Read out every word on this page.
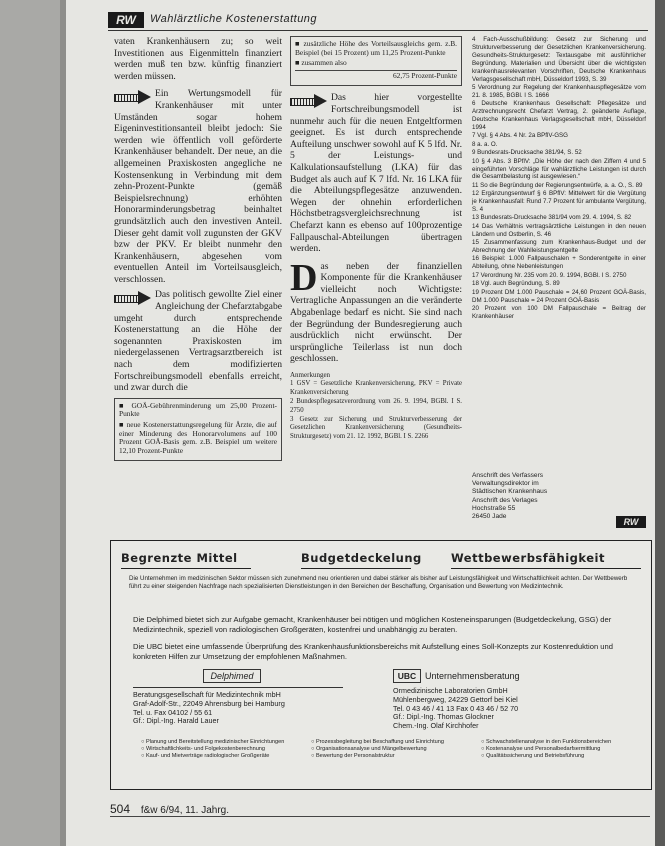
RW	Wahlärztliche Kostenerstattung

vaten Krankenhäusern zu; so weit Investitionen aus Eigenmitteln finanziert werden muß ten bzw. künftig finanziert werden müssen.

Ein Wertungsmodell für Krankenhäuser mit unter Umständen sogar hohem Eigeninvestitionsanteil bleibt jedoch: Sie werden wie öffentlich voll geförderte Krankenhäuser behandelt. Der neue, an die allgemeinen Praxiskosten angegliche ne Kostensenkung in Verbindung mit dem zehn-Prozent-Punkte (gemäß Beispielsrechnung) erhöhten Honorarminderungsbetrag beinhaltet grundsätzlich auch den investiven Anteil. Dieser geht damit voll zugunsten der GKV bzw der PKV. Er bleibt nunmehr den Krankenhäusern, abgesehen vom eventuellen Anteil im Vorteilsausgleich, verschlossen.

Das politisch gewollte Ziel einer Angleichung der Chefarztabgabe umgeht durch entsprechende Kostenerstattung an die Höhe der sogenannten Praxiskosten im niedergelassenen Vertragsarztbereich ist nach dem modifizierten Fortschreibungsmodell ebenfalls erreicht, und zwar durch die

■ GOÄ-Gebührenminderung um 25,00 Prozent-Punkte
■ neue Kostenerstattungsregelung für Ärzte, die auf einer Minderung des Honorarvolumens auf 100 Prozent GOÄ-Basis gem. z.B. Beispiel um weitere 12,10 Prozent-Punkte
■ zusätzliche Höhe des Vorteilsausgleichs gem. z.B. Beispiel (bei 15 Prozent) um 11,25 Prozent-Punkte
■ zusammen also
62,75 Prozent-Punkte

Das hier vorgestellte Fortschreibungsmodell ist nunmehr auch für die neuen Entgeltformen geeignet. Es ist durch entsprechende Aufteilung unschwer sowohl auf K 5 lfd. Nr. 5 der Leistungs- und Kalkulationsaufstellung (LKA) für das Budget als auch auf K 7 lfd. Nr. 16 LKA für die Abteilungspflegesätze anzuwenden. Wegen der ohnehin erforderlichen Höchstbetragsvergleichsrechnung ist Chefarzt kann es ebenso auf 100prozentige Fallpauschal-Abteilungen übertragen werden.

D as neben der finanziellen Komponente für die Krankenhäuser vielleicht noch Wichtigste: Vertragliche Anpassungen an die veränderte Abgabenlage bedarf es nicht. Sie sind nach der Begründung der Bundesregierung auch ausdrücklich nicht erwünscht. Der ursprüngliche Teilerlass ist nun doch geschlossen.

Anmerkungen
1 GSV = Gesetzliche Krankenversicherung, PKV = Private Krankenversicherung
2 Bundespflegesatzverordnung vom 26. 9. 1994, BGBl. I S. 2750
3 Gesetz zur Sicherung und Strukturverbesserung der Gesetzlichen Krankenversicherung (Gesundheits-Strukturgesetz) vom 21. 12. 1992, BGBl. I S. 2266

4 Fach-Ausschußbildung: Gesetz zur Sicherung und Strukturverbesserung der Gesetzlichen Krankenversicherung. Gesundheits-Strukturgesetz: Textausgabe mit ausführlicher Begründung. Materialien und Übersicht über die wichtigsten krankenhausrelevanten Vorschriften, Deutsche Krankenhaus Verlagsgesellschaft mbH, Düsseldorf 1993, S. 39

5 Verordnung zur Regelung der Krankenhauspflegesätze vom 21. 8. 1985, BGBl. I S. 1666

6 Deutsche Krankenhaus Gesellschaft: Pflegesätze und Arztrechnungsrecht Chefarzt Vertrag, 2. geänderte Auflage, Deutsche Krankenhaus Verlagsgesellschaft mbH, Düsseldorf 1994

7 Vgl. § 4 Abs. 4 Nr. 2a BPflV-GSG

8 a. a. O.

9 Bundesrats-Drucksache 381/94, S. 52

10 § 4 Abs. 3 BPflV: „Die Höhe der nach den Ziffern 4 und 5 eingeführten Vorschläge für wahlärztliche Leistungen ist durch die Gesamtbelastung ist ausgewiesen.“

11 So die Begründung der Regierungsentwürfe, a. a. O., S. 89

12 Ergänzungsentwurf § 6 BPflV: Mittelwert für die Vergütung je Krankenhausfall: Rund 7.7 Prozent für ambulante Vergütung, S. 4

13 Bundesrats-Drucksache 381/94 vom 29. 4. 1994, S. 82

14 Das Verhältnis vertragsärztliche Leistungen in den neuen Ländern und Ostberlin, S. 46

15 Zusammenfassung zum Krankenhaus-Budget und der Abrechnung der Wahlleistungsentgelte

16 Beispiel: 1.000 Fallpauschalen + Sonderentgelte in einer Abteilung, ohne Nebenleistungen

17 Verordnung Nr. 235 vom 20. 9. 1994, BGBl. I S. 2750

18 Vgl. auch Begründung, S. 89

19 Prozent DM 1.000 Pauschale = 24,60 Prozent GOÄ-Basis, DM 1.000 Pauschale = 24 Prozent GOÄ-Basis

20 Prozent von 100 DM Fallpauschale = Beitrag der Krankenhäuser

Anschrift des Verfassers
Verwaltungsdirektor im
Städtischen Krankenhaus
Anschrift des Verlages
Hochstraße 55
26450 Jade
RW
Begrenzte Mittel	Budgetdeckelung	Wettbewerbsfähigkeit
Die Unternehmen im medizinischen Sektor müssen sich zunehmend neu orientieren und dabei stärker als bisher auf Leistungsfähigkeit und Wirtschaftlichkeit achten. Der Wettbewerb führt zu einer steigenden Nachfrage nach spezialisierten Dienstleistungen in den Bereichen der Beschaffung, Organisation und Bewertung von Medizintechnik.
Die Delphimed bietet sich zur Aufgabe gemacht, Krankenhäuser bei nötigen und möglichen Kosteneinsparungen (Budgetdeckelung, GSG) der Medizintechnik, speziell von radiologischen Großgeräten, kostenfrei und unabhängig zu beraten.
Die UBC bietet eine umfassende Überprüfung des Krankenhausfunktionsbereichs mit Aufstellung eines Soll-Konzepts zur Kostenreduktion und konkreten Hilfen zur Umsetzung der empfohlenen Maßnahmen.
Delphimed
Beratungsgesellschaft für Medizintechnik mbH
Graf-Adolf-Str., 22049 Ahrensburg bei Hamburg
Tel. u. Fax 04102 / 55 61
Gf.: Dipl.-Ing. Harald Lauer
UBC Unternehmensberatung
Ormedizinische Laboratorien GmbH
Mühlenbergweg, 24229 Gettorf bei Kiel
Tel. 0 43 46 / 41 13 Fax 0 43 46 / 52 70
Gf.: Dipl.-Ing. Thomas Glockner
Chem.-Ing. Olaf Kirchhofer
○ Planung und Bereitstellung medizinischer Einrichtungen
○ Wirtschaftlichkeits- und Folgekostenberechnung
○ Kauf- und Mietverträge radiologischer Großgeräte
○ Prozessbegleitung bei Beschaffung und Einrichtung
○ Organisationsanalyse und Mängelbewertung
○ Bewertung der Personalstruktur
○ Schwachstellenanalyse in den Funktionsbereichen
○ Kostenanalyse und Personalbedarfsermittlung
○ Qualitätssicherung und Betriebsführung
504 f&w 6/94, 11. Jahrg.
